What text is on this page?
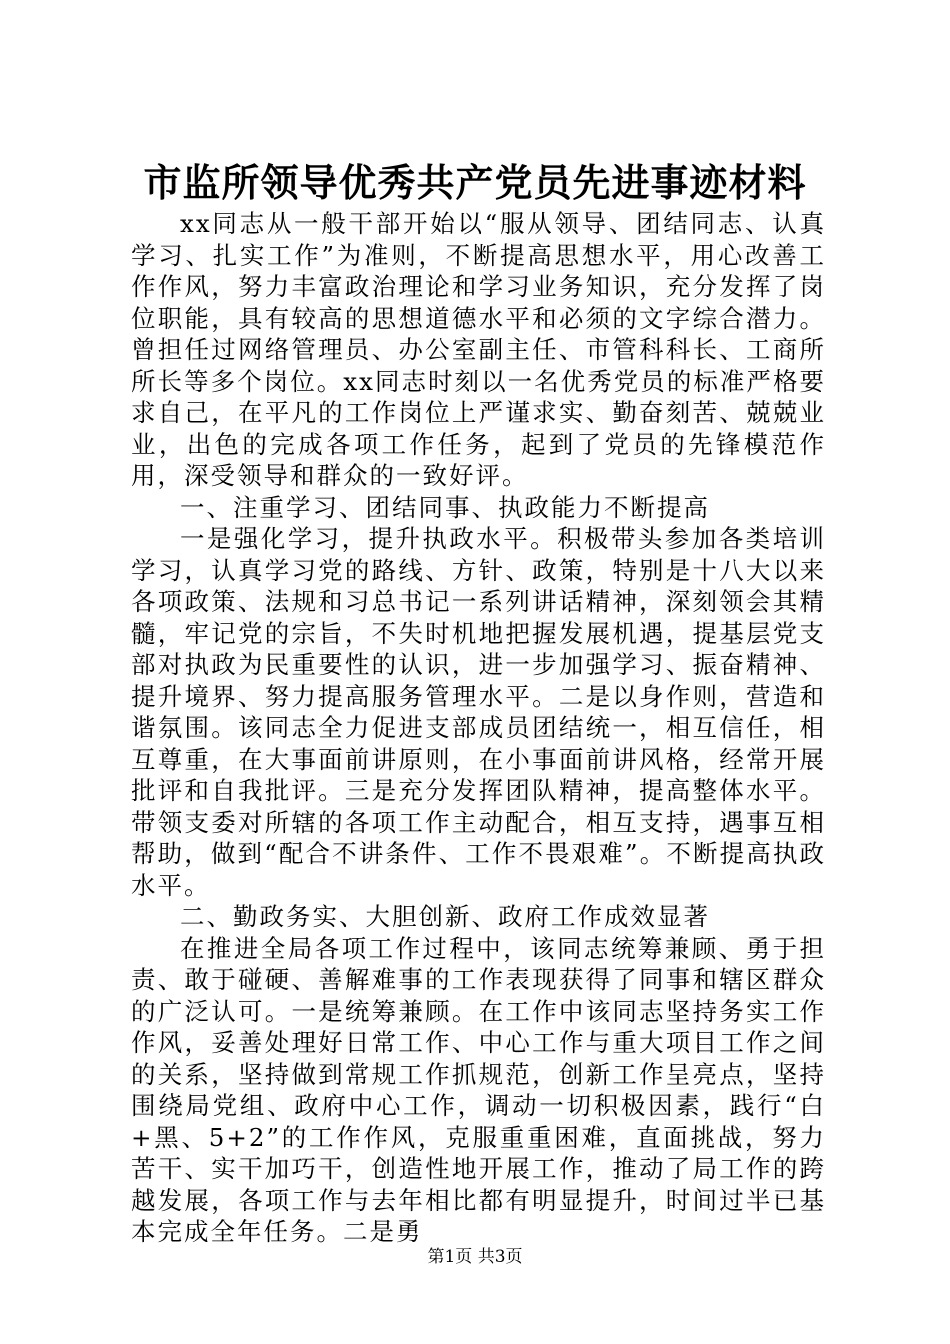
市监所领导优秀共产党员先进事迹材料

xx同志从一般干部开始以“服从领导、团结同志、认真学习、扎实工作”为准则，不断提高思想水平，用心改善工作作风，努力丰富政治理论和学习业务知识，充分发挥了岗位职能，具有较高的思想道德水平和必须的文字综合潜力。曾担任过网络管理员、办公室副主任、市管科科长、工商所所长等多个岗位。xx同志时刻以一名优秀党员的标准严格要求自己，在平凡的工作岗位上严谨求实、勤奋刻苦、兢兢业业，出色的完成各项工作任务，起到了党员的先锋模范作用，深受领导和群众的一致好评。

一、注重学习、团结同事、执政能力不断提高

一是强化学习，提升执政水平。积极带头参加各类培训学习，认真学习党的路线、方针、政策，特别是十八大以来各项政策、法规和习总书记一系列讲话精神，深刻领会其精髓，牢记党的宗旨，不失时机地把握发展机遇，提基层党支部对执政为民重要性的认识，进一步加强学习、振奋精神、提升境界、努力提高服务管理水平。二是以身作则，营造和谐氛围。该同志全力促进支部成员团结统一，相互信任，相互尊重，在大事面前讲原则，在小事面前讲风格，经常开展批评和自我批评。三是充分发挥团队精神，提高整体水平。带领支委对所辖的各项工作主动配合，相互支持，遇事互相帮助，做到“配合不讲条件、工作不畏艰难”。不断提高执政水平。

二、勤政务实、大胆创新、政府工作成效显著

在推进全局各项工作过程中，该同志统筹兼顾、勇于担责、敢于碰硬、善解难事的工作表现获得了同事和辖区群众的广泛认可。一是统筹兼顾。在工作中该同志坚持务实工作作风，妥善处理好日常工作、中心工作与重大项目工作之间的关系，坚持做到常规工作抓规范，创新工作呈亮点，坚持围绕局党组、政府中心工作，调动一切积极因素，践行“白+黑、5+2”的工作作风，克服重重困难，直面挑战，努力苦干、实干加巧干，创造性地开展工作，推动了局工作的跨越发展，各项工作与去年相比都有明显提升，时间过半已基本完成全年任务。二是勇

第1页 共3页
